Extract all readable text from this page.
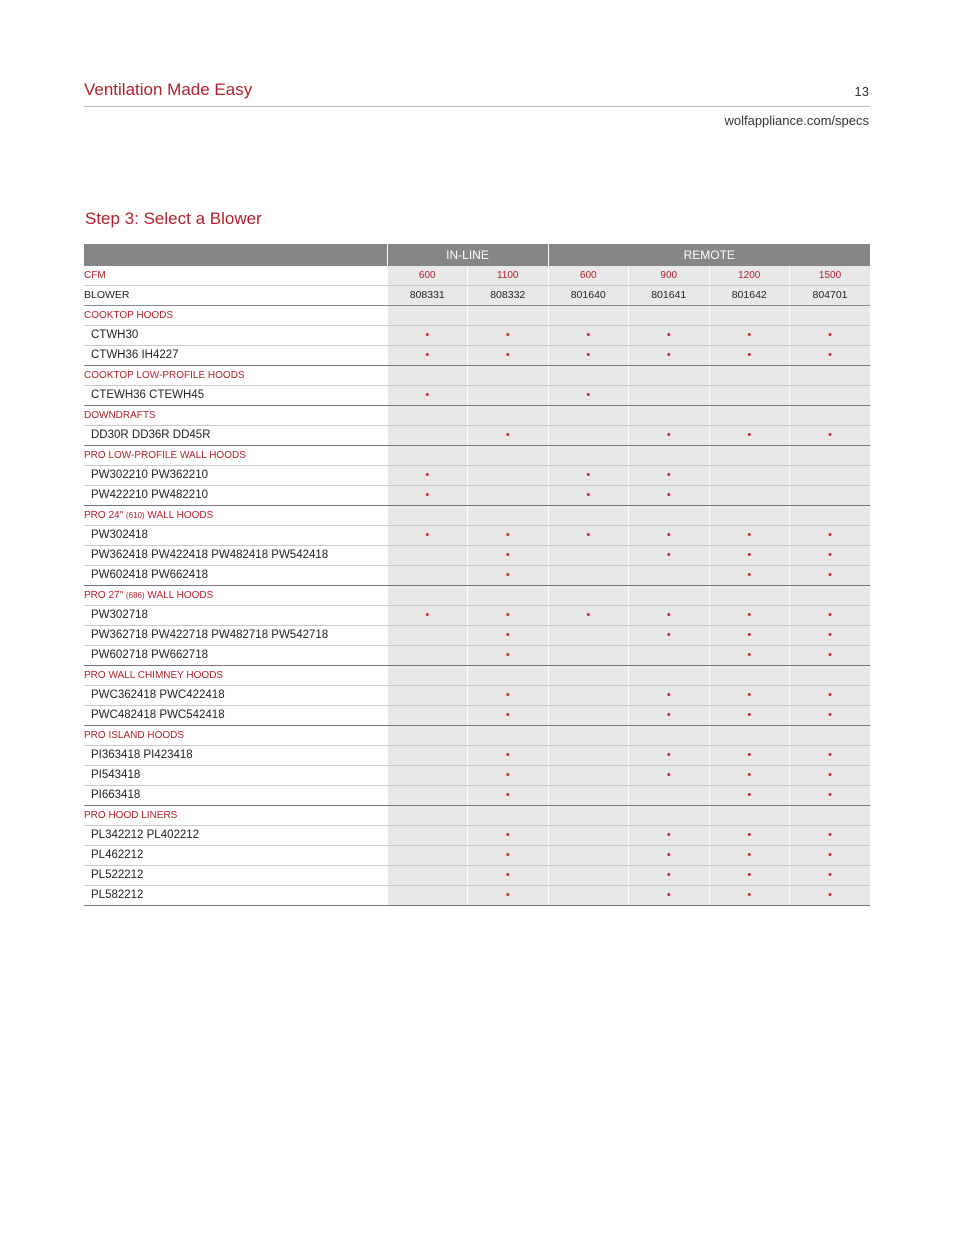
Ventilation Made Easy	13
wolfappliance.com/specs
Step 3: Select a Blower
	IN-LINE		REMOTE			
CFM	600	1100	600	900	1200	1500
BLOWER	808331	808332	801640	801641	801642	804701
COOKTOP HOODS						
CTWH30	•	•	•	•	•	•
CTWH36 IH4227	•	•	•	•	•	•
COOKTOP LOW-PROFILE HOODS						
CTEWH36 CTEWH45	•		•			
DOWNDRAFTS						
DD30R DD36R DD45R		•		•	•	•
PRO LOW-PROFILE WALL HOODS						
PW302210 PW362210	•		•	•		
PW422210 PW482210	•		•	•		
PRO 24" (610) WALL HOODS						
PW302418	•	•	•	•	•	•
PW362418 PW422418 PW482418 PW542418		•		•	•	•
PW602418 PW662418		•			•	•
PRO 27" (686) WALL HOODS						
PW302718	•	•	•	•	•	•
PW362718 PW422718 PW482718 PW542718		•		•	•	•
PW602718 PW662718		•			•	•
PRO WALL CHIMNEY HOODS						
PWC362418 PWC422418		•		•	•	•
PWC482418 PWC542418		•		•	•	•
PRO ISLAND HOODS						
PI363418 PI423418		•		•	•	•
PI543418		•		•	•	•
PI663418		•			•	•
PRO HOOD LINERS						
PL342212 PL402212		•		•	•	•
PL462212		•		•	•	•
PL522212		•		•	•	•
PL582212		•		•	•	•
